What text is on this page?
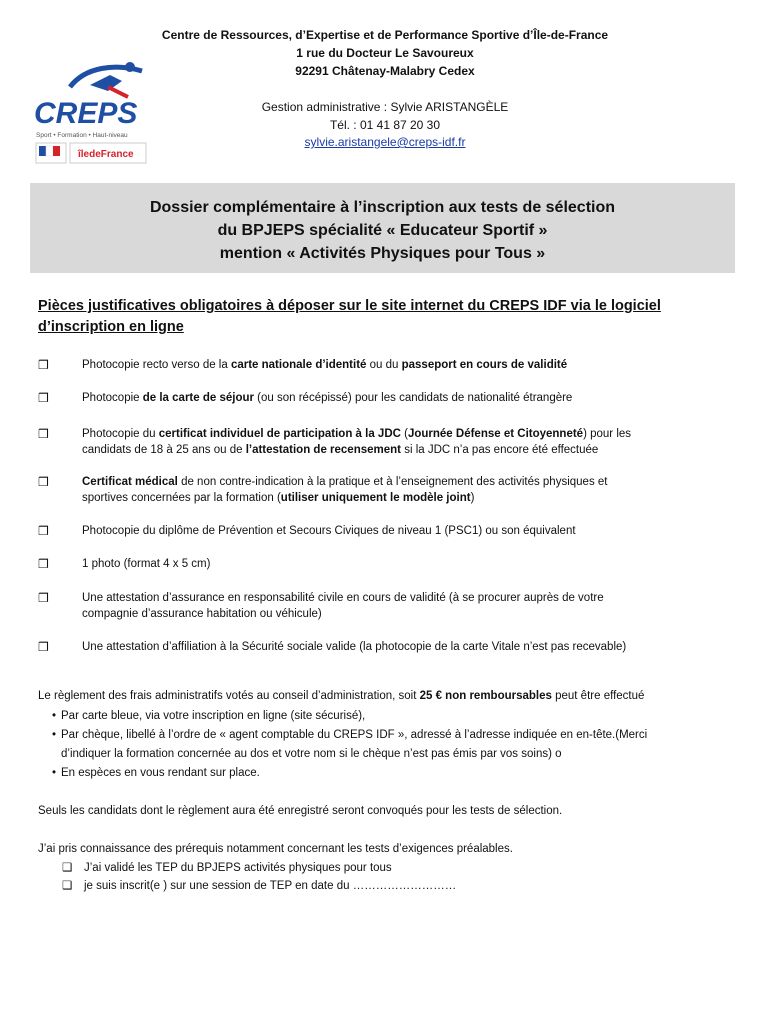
Centre de Ressources, d’Expertise et de Performance Sportive d’Île-de-France
1 rue du Docteur Le Savoureux
92291 Châtenay-Malabry Cedex
Gestion administrative : Sylvie ARISTANGÈLE
Tél. : 01 41 87 20 30
sylvie.aristangele@creps-idf.fr
CREPS
Sport • Formation • Haut-niveau
îledeFrance
Dossier complémentaire à l’inscription aux tests de sélection
du BPJEPS spécialité « Educateur Sportif »
mention « Activités Physiques pour Tous »
Pièces justificatives obligatoires à déposer sur le site internet du CREPS IDF via le logiciel d’inscription en ligne
❒	Photocopie recto verso de la carte nationale d’identité ou du passeport en cours de validité
❒	Photocopie de la carte de séjour (ou son récépissé) pour les candidats de nationalité étrangère
❒	Photocopie du certificat individuel de participation à la JDC (Journée Défense et Citoyenneté) pour les
candidats de 18 à 25 ans ou de l’attestation de recensement si la JDC n’a pas encore été effectuée
❒	Certificat médical de non contre-indication à la pratique et à l’enseignement des activités physiques et
sportives concernées par la formation (utiliser uniquement le modèle joint)
❒	Photocopie du diplôme de Prévention et Secours Civiques de niveau 1 (PSC1) ou son équivalent
❒	1 photo (format 4 x 5 cm)
❒	Une attestation d’assurance en responsabilité civile en cours de validité (à se procurer auprès de votre
compagnie d’assurance habitation ou véhicule)
❒	Une attestation d’affiliation à la Sécurité sociale valide (la photocopie de la carte Vitale n’est pas recevable)
Le règlement des frais administratifs votés au conseil d’administration, soit 25 € non remboursables peut être effectué
• Par carte bleue, via votre inscription en ligne (site sécurisé),
• Par chèque, libellé à l’ordre de « agent comptable du CREPS IDF », adressé à l’adresse indiquée en en-tête.(Merci
d’indiquer la formation concernée au dos et votre nom si le chèque n’est pas émis par vos soins) o
• En espèces en vous rendant sur place.
Seuls les candidats dont le règlement aura été enregistré seront convoqués pour les tests de sélection.
J’ai pris connaissance des prérequis notamment concernant les tests d’exigences préalables.
❑ J’ai validé les TEP du BPJEPS activités physiques pour tous
❑ je suis inscrit(e ) sur une session de TEP en date du ………………………
